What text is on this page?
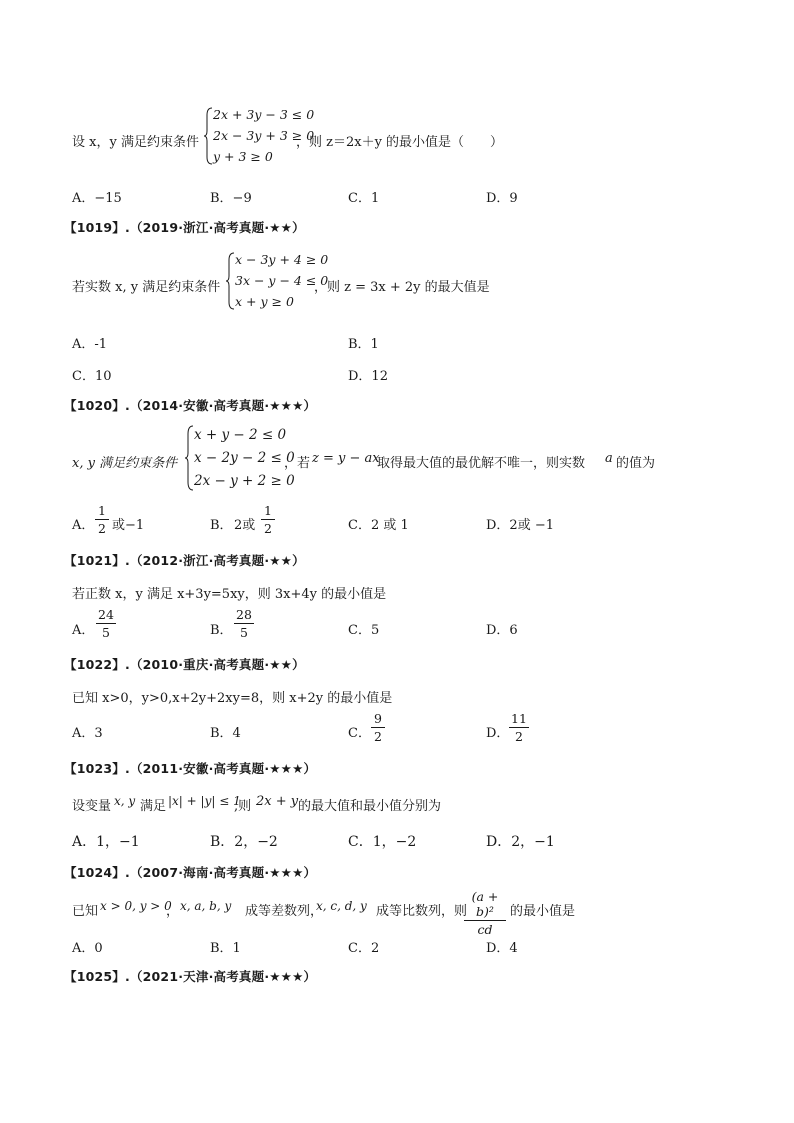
设 x，y 满足约束条件
2x + 3y − 3 ≤ 0
2x − 3y + 3 ≥ 0
y + 3 ≥ 0
，则 z＝2x＋y 的最小值是（　　）
A．−15	B．−9	C．1	D．9
【1019】.（2019·浙江·高考真题·★★）
若实数 x, y 满足约束条件
x − 3y + 4 ≥ 0
3x − y − 4 ≤ 0
x + y ≥ 0
，则 z = 3x + 2y 的最大值是
A．-1	B．1
C．10	D．12
【1020】.（2014·安徽·高考真题·★★★）
x, y 满足约束条件
x + y − 2 ≤ 0
x − 2y − 2 ≤ 0
2x − y + 2 ≥ 0
，若 z = y − ax
取得最大值的最优解不唯一，则实数 a 的值为
A．
1
2 或−1	B． 2或
1
2	C．2 或 1	D．2或 −1
【1021】.（2012·浙江·高考真题·★★）
若正数 x，y 满足 x+3y=5xy，则 3x+4y 的最小值是
A．
24
5	B．
28
5	C．5	D．6
【1022】.（2010·重庆·高考真题·★★）
已知 x>0，y>0,x+2y+2xy=8，则 x+2y 的最小值是
A．3	B．4	C．
9
2	D．
11
2
【1023】.（2011·安徽·高考真题·★★★）
设变量 x, y 满足 |x| + |y| ≤ 1
,则 2x + y 的最大值和最小值分别为
A．1，−1	B．2，−2	C．1，−2	D．2，−1
【1024】.（2007·海南·高考真题·★★★）
已知 x > 0, y > 0
， x, a, b, y 成等差数列，
x, c, d, y 成等比数列，则
(a + b)²
cd
的最小值是
A．0	B．1	C．2	D．4
【1025】.（2021·天津·高考真题·★★★）
